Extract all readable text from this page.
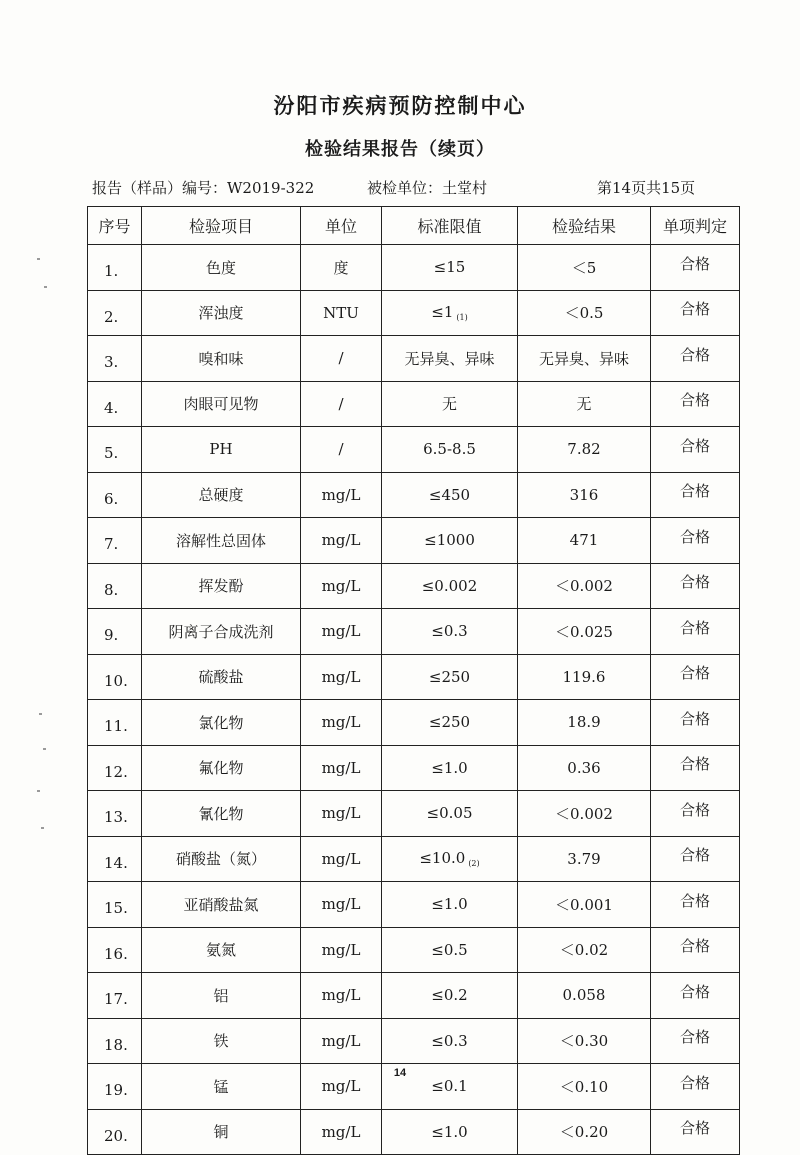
汾阳市疾病预防控制中心
检验结果报告（续页）
报告（样品）编号：W2019-322	被检单位：土堂村	第14页共15页
序号	检验项目	单位	标准限值	检验结果	单项判定
1.	色度	度	≤15	＜5	合格
2.	浑浊度	NTU	≤1 $_{(1)}$	＜0.5	合格
3.	嗅和味	/	无异臭、异味	无异臭、异味	合格
4.	肉眼可见物	/	无	无	合格
5.	PH	/	6.5-8.5	7.82	合格
6.	总硬度	mg/L	≤450	316	合格
7.	溶解性总固体	mg/L	≤1000	471	合格
8.	挥发酚	mg/L	≤0.002	＜0.002	合格
9.	阴离子合成洗剂	mg/L	≤0.3	＜0.025	合格
10.	硫酸盐	mg/L	≤250	119.6	合格
11.	氯化物	mg/L	≤250	18.9	合格
12.	氟化物	mg/L	≤1.0	0.36	合格
13.	氰化物	mg/L	≤0.05	＜0.002	合格
14.	硝酸盐（氮）	mg/L	≤10.0 $_{(2)}$	3.79	合格
15.	亚硝酸盐氮	mg/L	≤1.0	＜0.001	合格
16.	氨氮	mg/L	≤0.5	＜0.02	合格
17.	铝	mg/L	≤0.2	0.058	合格
18.	铁	mg/L	≤0.3	＜0.30	合格
19.	锰	mg/L	≤0.1	＜0.10	合格
20.	铜	mg/L	≤1.0	＜0.20	合格
14
